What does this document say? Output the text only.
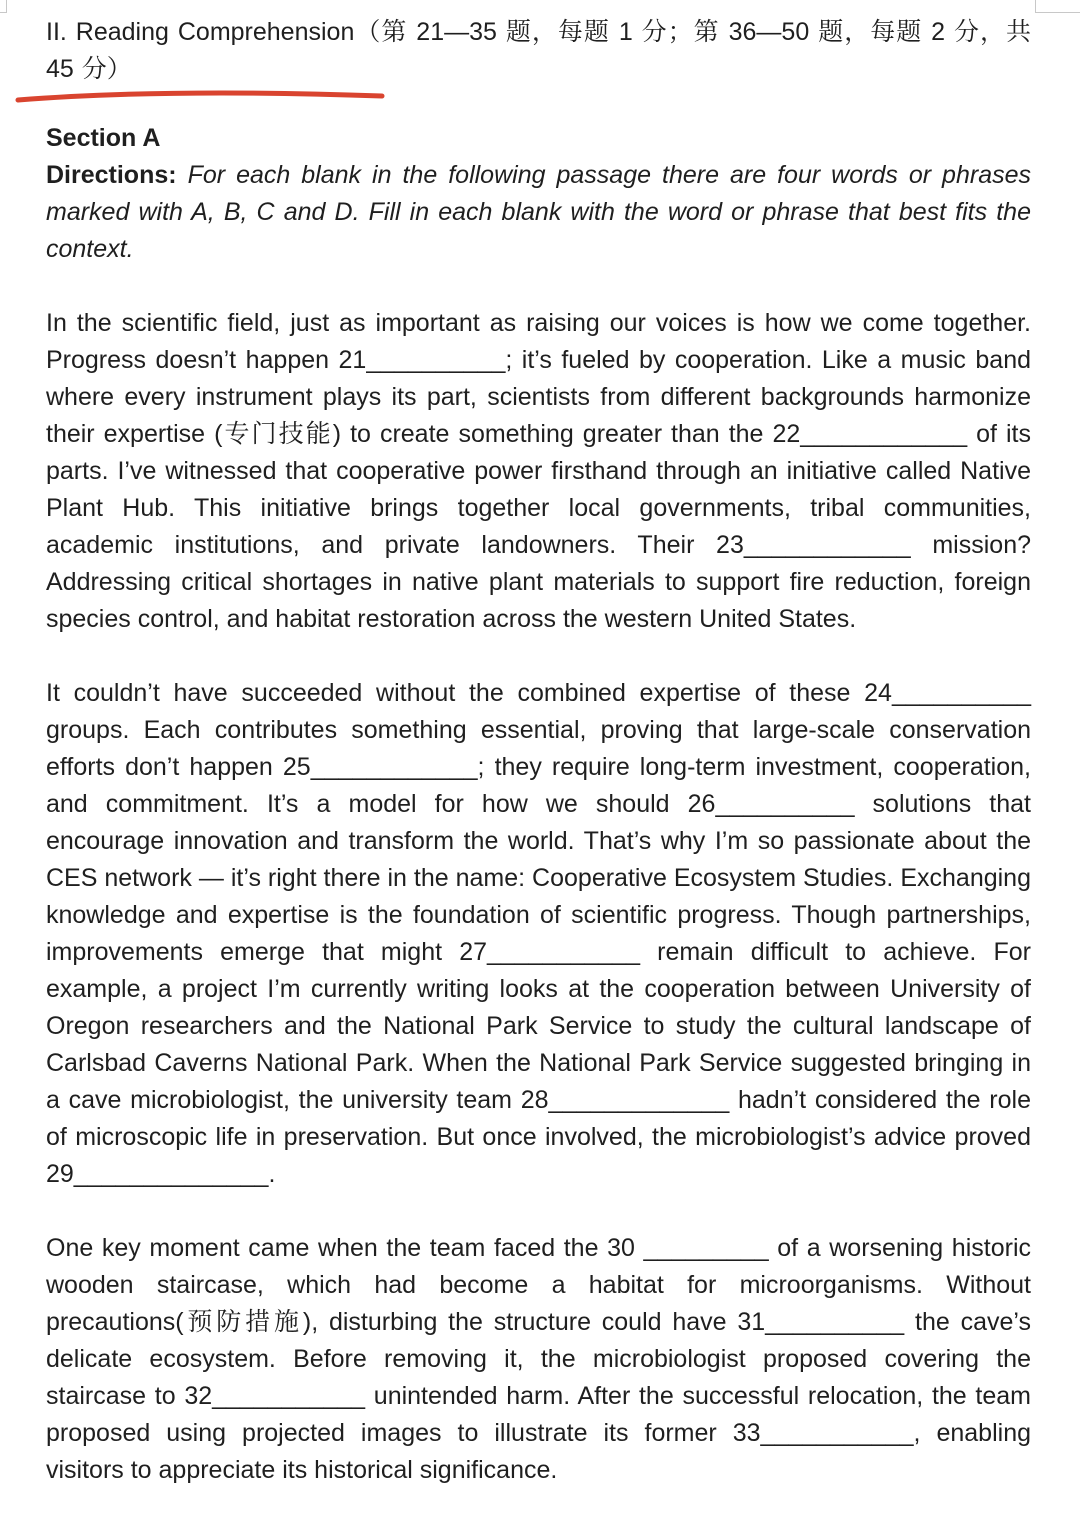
II. Reading Comprehension（第 21—35 题，每题 1 分；第 36—50 题，每题 2 分，共 45 分）

Section A

Directions: For each blank in the following passage there are four words or phrases marked with A, B, C and D. Fill in each blank with the word or phrase that best fits the context.

In the scientific field, just as important as raising our voices is how we come together. Progress doesn’t happen 21__________; it’s fueled by cooperation. Like a music band where every instrument plays its part, scientists from different backgrounds harmonize their expertise (专门技能) to create something greater than the 22____________ of its parts. I’ve witnessed that cooperative power firsthand through an initiative called Native Plant Hub. This initiative brings together local governments, tribal communities, academic institutions, and private landowners. Their 23____________ mission? Addressing critical shortages in native plant materials to support fire reduction, foreign species control, and habitat restoration across the western United States.

It couldn’t have succeeded without the combined expertise of these 24__________ groups. Each contributes something essential, proving that large-scale conservation efforts don’t happen 25____________; they require long-term investment, cooperation, and commitment. It’s a model for how we should 26__________ solutions that encourage innovation and transform the world. That’s why I’m so passionate about the CES network — it’s right there in the name: Cooperative Ecosystem Studies. Exchanging knowledge and expertise is the foundation of scientific progress. Though partnerships, improvements emerge that might 27___________ remain difficult to achieve. For example, a project I’m currently writing looks at the cooperation between University of Oregon researchers and the National Park Service to study the cultural landscape of Carlsbad Caverns National Park. When the National Park Service suggested bringing in a cave microbiologist, the university team 28_____________ hadn’t considered the role of microscopic life in preservation. But once involved, the microbiologist’s advice proved 29______________.

One key moment came when the team faced the 30 _________ of a worsening historic wooden staircase, which had become a habitat for microorganisms. Without precautions(预防措施), disturbing the structure could have 31__________ the cave’s delicate ecosystem. Before removing it, the microbiologist proposed covering the staircase to 32___________ unintended harm. After the successful relocation, the team proposed using projected images to illustrate its former 33___________, enabling visitors to appreciate its historical significance.
